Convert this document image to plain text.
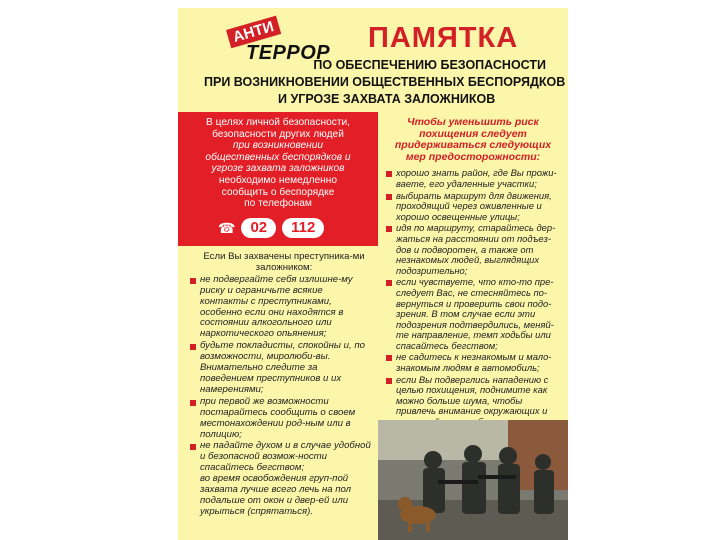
АНТИ
ТЕРРОР ПАМЯТКА
ПО ОБЕСПЕЧЕНИЮ БЕЗОПАСНОСТИ
ПРИ ВОЗНИКНОВЕНИИ ОБЩЕСТВЕННЫХ БЕСПОРЯДКОВ
И УГРОЗЕ ЗАХВАТА ЗАЛОЖНИКОВ
В целях личной безопасности,
безопасности других людей
при возникновении
общественных беспорядков и
угрозе захвата заложников
необходимо немедленно
сообщить о беспорядке
по телефонам
☎	02	112
Если Вы захвачены преступника-ми заложником:
не подвергайте себя излишне-му риску и ограничьте всякие контакты с преступниками, особенно если они находятся в состоянии алкогольного или наркотического опьянения;
будьте покладисты, спокойны и, по возможности, миролюби-вы. Внимательно следите за поведением преступников и их намерениями;
при первой же возможности постарайтесь сообщить о своем местонахождении род-ным или в полицию;
не падайте духом и в случае удобной и безопасной возмож-ности спасайтесь бегством;
во время освобождения груп-пой захвата лучше всего лечь на пол подальше от окон и двер-ей или укрыться (спрятаться).
Чтобы уменьшить риск похищения следует придерживаться следующих мер предосторожности:
хорошо знать район, где Вы прожи-ваете, его удаленные участки;
выбирать маршрут для движения, проходящий через оживленные и хорошо освещенные улицы;
идя по маршруту, старайтесь дер-жаться на расстоянии от подъез-дов и подворотен, а также от незнакомых людей, выглядящих подозрительно;
если чувствуете, что кто-то пре-следует Вас, не стесняйтесь по-вернуться и проверить свои подо-зрения. В том случае если эти подозрения подтвердились, меняй-те направление, темп ходьбы или спасайтесь бегством;
не садитесь к незнакомым и мало-знакомым людям в автомобиль;
если Вы подверглись нападению с целью похищения, поднимите как можно больше шума, чтобы привлечь внимание окружающих и
